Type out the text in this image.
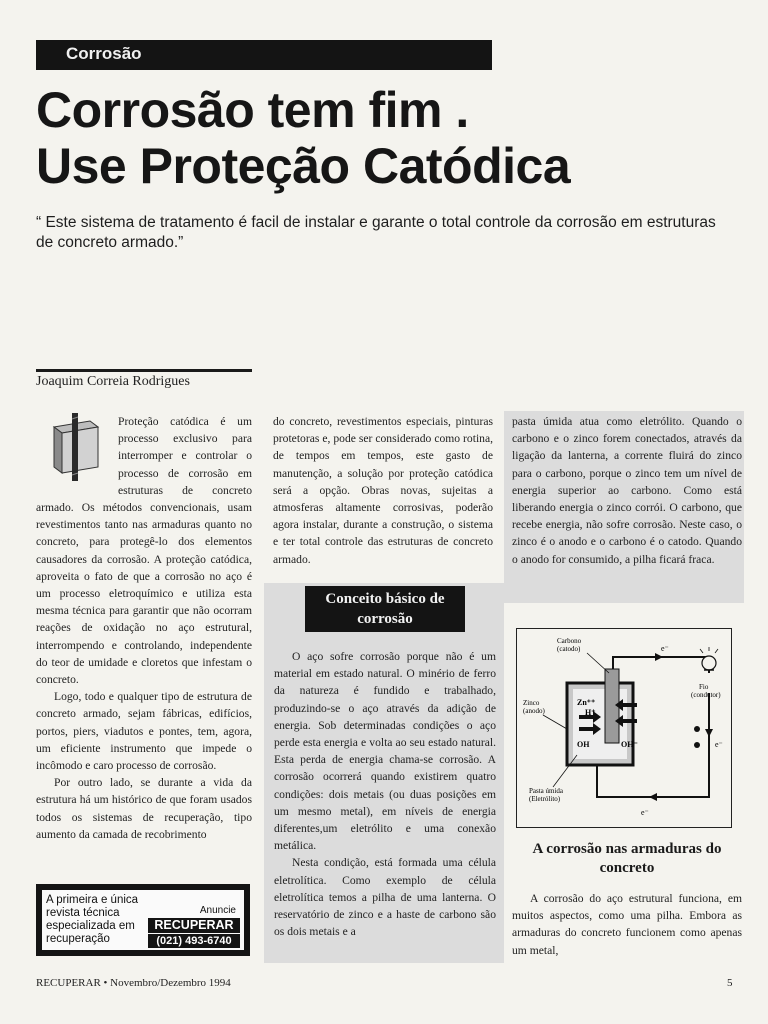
Corrosão
Corrosão tem fim .
Use Proteção Catódica

“ Este sistema de tratamento é facil de instalar e garante o total controle da corrosão em estruturas de concreto armado.”

Joaquim Correia Rodrigues

Proteção catódica é um processo exclusivo para interromper e controlar o processo de corrosão em estruturas de concreto armado. Os métodos convencionais, usam revestimentos tanto nas armaduras quanto no concreto, para protegê-lo dos elementos causadores da corrosão. A proteção catódica, aproveita o fato de que a corrosão no aço é um processo eletroquímico e utiliza esta mesma técnica para garantir que não ocorram reações de oxidação no aço estrutural, interrompendo e controlando, independente do teor de umidade e cloretos que infestam o concreto.

Logo, todo e qualquer tipo de estrutura de concreto armado, sejam fábricas, edifícios, portos, piers, viadutos e pontes, tem, agora, um eficiente instrumento que impede o incômodo e caro processo de corrosão.

Por outro lado, se durante a vida da estrutura há um histórico de que foram usados todos os sistemas de recuperação, tipo aumento da camada de recobrimento

do concreto, revestimentos especiais, pinturas protetoras e, pode ser considerado como rotina, de tempos em tempos, este gasto de manutenção, a solução por proteção catódica será a opção. Obras novas, sujeitas a atmosferas altamente corrosivas, poderão agora instalar, durante a construção, o sistema e ter total controle das estruturas de concreto armado.

Conceito básico de corrosão

O aço sofre corrosão porque não é um material em estado natural. O minério de ferro da natureza é fundido e trabalhado, produzindo-se o aço através da adição de energia. Sob determinadas condições o aço perde esta energia e volta ao seu estado natural. Esta perda de energia chama-se corrosão. A corrosão ocorrerá quando existirem quatro condições: dois metais (ou duas posições em um mesmo metal), em níveis de energia diferentes,um eletrólito e uma conexão metálica.

Nesta condição, está formada uma célula eletrolítica. Como exemplo de célula eletrolítica temos a pilha de uma lanterna. O reservatório de zinco e a haste de carbono são os dois metais e a

pasta úmida atua como eletrólito. Quando o carbono e o zinco forem conectados, através da ligação da lanterna, a corrente fluirá do zinco para o carbono, porque o zinco tem um nível de energia superior ao carbono. Como está liberando energia o zinco corrói. O carbono, que recebe energia, não sofre corrosão. Neste caso, o zinco é o anodo e o carbono é o catodo. Quando o anodo for consumido, a pilha ficará fraca.

Carbono
(catodo)
Zinco
(anodo)
Fio
(condutor)
Pasta úmida
(Eletrólito)
e⁻
e⁻
e⁻
Zn⁺⁺
H⁺
OH	OH⁻
A corrosão nas armaduras do concreto

A corrosão do aço estrutural funciona, em muitos aspectos, como uma pilha. Embora as armaduras do concreto funcionem como apenas um metal,

A primeira e única revista técnica especializada em recuperação
Anuncie
RECUPERAR
(021) 493-6740
RECUPERAR • Novembro/Dezembro 1994	5
